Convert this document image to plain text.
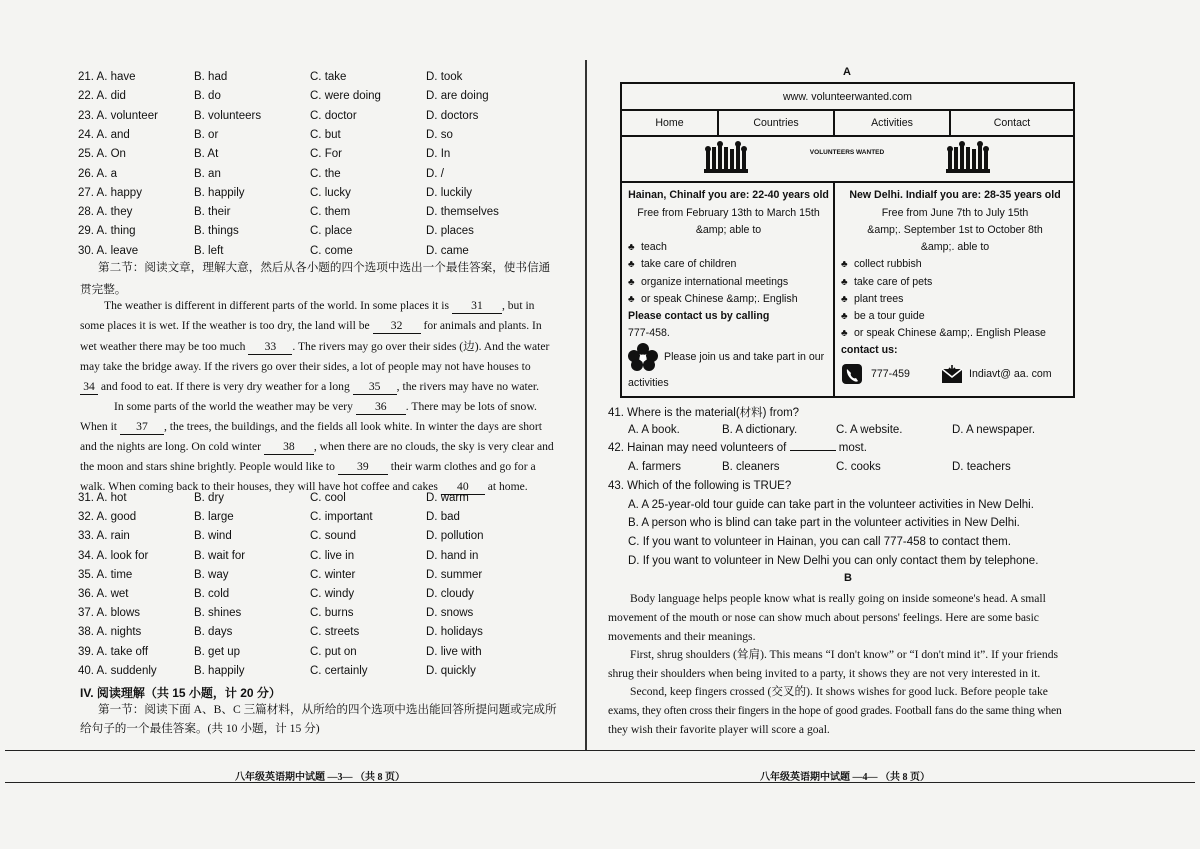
21. A. have	B. had	C. take	D. took
22. A. did	B. do	C. were doing	D. are doing
23. A. volunteer	B. volunteers	C. doctor	D. doctors
24. A. and	B. or	C. but	D. so
25. A. On	B. At	C. For	D. In
26. A. a	B. an	C. the	D. /
27. A. happy	B. happily	C. lucky	D. luckily
28. A. they	B. their	C. them	D. themselves
29. A. thing	B. things	C. place	D. places
30. A. leave	B. left	C. come	D. came
第二节：阅读文章，理解大意，然后从各小题的四个选项中选出一个最佳答案，使书信通
贯完整。
The weather is different in different parts of the world. In some places it is 31 , but in
some places it is wet. If the weather is too dry, the land will be 32 for animals and plants. In
wet weather there may be too much 33 . The rivers may go over their sides (边). And the water
may take the bridge away. If the rivers go over their sides, a lot of people may not have houses to
34 and food to eat. If there is very dry weather for a long 35 , the rivers may have no water.
In some parts of the world the weather may be very 36 . There may be lots of snow.
When it 37 , the trees, the buildings, and the fields all look white. In winter the days are short
and the nights are long. On cold winter 38 , when there are no clouds, the sky is very clear and
the moon and stars shine brightly. People would like to 39 their warm clothes and go for a
walk. When coming back to their houses, they will have hot coffee and cakes 40 at home.
31. A. hot	B. dry	C. cool	D. warm
32. A. good	B. large	C. important	D. bad
33. A. rain	B. wind	C. sound	D. pollution
34. A. look for	B. wait for	C. live in	D. hand in
35. A. time	B. way	C. winter	D. summer
36. A. wet	B. cold	C. windy	D. cloudy
37. A. blows	B. shines	C. burns	D. snows
38. A. nights	B. days	C. streets	D. holidays
39. A. take off	B. get up	C. put on	D. live with
40. A. suddenly	B. happily	C. certainly	D. quickly
IV. 阅读理解（共 15 小题，计 20 分）
第一节：阅读下面 A、B、C 三篇材料，从所给的四个选项中选出能回答所提问题或完成所
给句子的一个最佳答案。(共 10 小题，计 15 分)
八年级英语期中试题 —3— （共 8 页）	八年级英语期中试题 —4— （共 8 页）
A
www. volunteerwanted.com
Home	Countries	Activities	Contact
VOLUNTEERS WANTED
Hainan, ChinaIf you are: 22-40 years old
Free from February 13th to March 15th
&amp; able to
♣ teach
♣ take care of children
♣ organize international meetings
♣ or speak Chinese &amp;. English
Please contact us by calling
777-458.
Please join us and take part in our
activities
New Delhi. IndiaIf you are: 28-35 years old
Free from June 7th to July 15th
&amp;. September 1st to October 8th
&amp;. able to
♣ collect rubbish
♣ take care of pets
♣ plant trees
♣ be a tour guide
♣ or speak Chinese &amp;. English Please
contact us:
777-459	Indiavt@ aa. com
41. Where is the material(材料) from?
A. A book.	B. A dictionary.	C. A website.	D. A newspaper.
42. Hainan may need volunteers of	most.
A. farmers	B. cleaners	C. cooks	D. teachers
43. Which of the following is TRUE?
A. A 25-year-old tour guide can take part in the volunteer activities in New Delhi.
B. A person who is blind can take part in the volunteer activities in New Delhi.
C. If you want to volunteer in Hainan, you can call 777-458 to contact them.
D. If you want to volunteer in New Delhi you can only contact them by telephone.
B
Body language helps people know what is really going on inside someone's head. A small
movement of the mouth or nose can show much about persons' feelings. Here are some basic
movements and their meanings.
First, shrug shoulders (耸肩). This means “I don't know” or “I don't mind it”. If your friends
shrug their shoulders when being invited to a party, it shows they are not very interested in it.
Second, keep fingers crossed (交叉的). It shows wishes for good luck. Before people take
exams, they often cross their fingers in the hope of good grades. Football fans do the same thing when
they wish their favorite player will score a goal.
